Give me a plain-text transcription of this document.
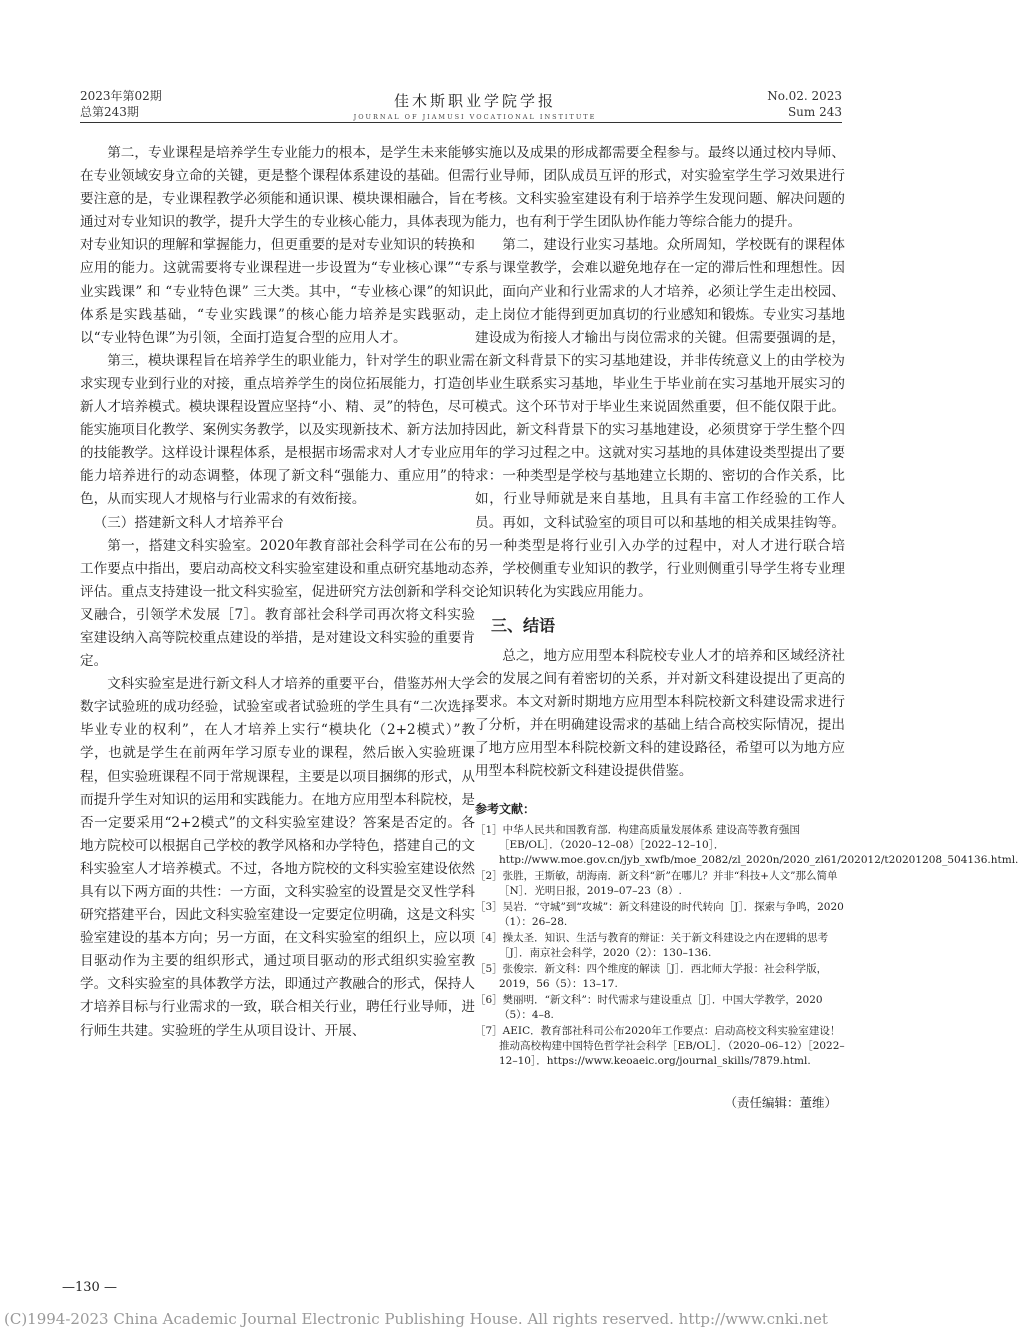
2023年第02期
总第243期
佳木斯职业学院学报
JOURNAL OF JIAMUSI VOCATIONAL INSTITUTE
No.02. 2023
Sum 243

第二，专业课程是培养学生专业能力的根本，是学生未来能够在专业领域安身立命的关键，更是整个课程体系建设的基础。但需要注意的是，专业课程教学必须能和通识课、模块课相融合，旨在通过对专业知识的教学，提升大学生的专业核心能力，具体表现为对专业知识的理解和掌握能力，但更重要的是对专业知识的转换和应用的能力。这就需要将专业课程进一步设置为“专业核心课”“专业实践课” 和 “专业特色课” 三大类。其中，“专业核心课”的知识体系是实践基础，“专业实践课”的核心能力培养是实践驱动，以“专业特色课”为引领，全面打造复合型的应用人才。

第三，模块课程旨在培养学生的职业能力，针对学生的职业需求实现专业到行业的对接，重点培养学生的岗位拓展能力，打造创新人才培养模式。模块课程设置应坚持“小、精、灵”的特色，尽可能实施项目化教学、案例实务教学，以及实现新技术、新方法加持的技能教学。这样设计课程体系，是根据市场需求对人才专业应用能力培养进行的动态调整，体现了新文科“强能力、重应用”的特色，从而实现人才规格与行业需求的有效衔接。

（三）搭建新文科人才培养平台

第一，搭建文科实验室。2020年教育部社会科学司在公布的工作要点中指出，要启动高校文科实验室建设和重点研究基地动态评估。重点支持建设一批文科实验室，促进研究方法创新和学科交叉融合，引领学术发展［7］。教育部社会科学司再次将文科实验室建设纳入高等院校重点建设的举措，是对建设文科实验的重要肯定。

文科实验室是进行新文科人才培养的重要平台，借鉴苏州大学数字试验班的成功经验，试验室或者试验班的学生具有“二次选择毕业专业的权利”，在人才培养上实行“模块化（2+2模式）”教学，也就是学生在前两年学习原专业的课程，然后嵌入实验班课程，但实验班课程不同于常规课程，主要是以项目捆绑的形式，从而提升学生对知识的运用和实践能力。在地方应用型本科院校，是否一定要采用“2+2模式”的文科实验室建设？答案是否定的。各地方院校可以根据自己学校的教学风格和办学特色，搭建自己的文科实验室人才培养模式。不过，各地方院校的文科实验室建设依然具有以下两方面的共性：一方面，文科实验室的设置是交叉性学科研究搭建平台，因此文科实验室建设一定要定位明确，这是文科实验室建设的基本方向；另一方面，在文科实验室的组织上，应以项目驱动作为主要的组织形式，通过项目驱动的形式组织实验室教学。文科实验室的具体教学方法，即通过产教融合的形式，保持人才培养目标与行业需求的一致，联合相关行业，聘任行业导师，进行师生共建。实验班的学生从项目设计、开展、

实施以及成果的形成都需要全程参与。最终以通过校内导师、行业导师，团队成员互评的形式，对实验室学生学习效果进行考核。文科实验室建设有利于培养学生发现问题、解决问题的能力，也有利于学生团队协作能力等综合能力的提升。

第二，建设行业实习基地。众所周知，学校既有的课程体系与课堂教学，会难以避免地存在一定的滞后性和理想性。因此，面向产业和行业需求的人才培养，必须让学生走出校园、走上岗位才能得到更加真切的行业感知和锻炼。专业实习基地建设成为衔接人才输出与岗位需求的关键。但需要强调的是，在新文科背景下的实习基地建设，并非传统意义上的由学校为毕业生联系实习基地，毕业生于毕业前在实习基地开展实习的模式。这个环节对于毕业生来说固然重要，但不能仅限于此。因此，新文科背景下的实习基地建设，必须贯穿于学生整个四年的学习过程之中。这就对实习基地的具体建设类型提出了要求：一种类型是学校与基地建立长期的、密切的合作关系，比如，行业导师就是来自基地，且具有丰富工作经验的工作人员。再如，文科试验室的项目可以和基地的相关成果挂钩等。另一种类型是将行业引入办学的过程中，对人才进行联合培养，学校侧重专业知识的教学，行业则侧重引导学生将专业理论知识转化为实践应用能力。

三、结语

总之，地方应用型本科院校专业人才的培养和区域经济社会的发展之间有着密切的关系，并对新文科建设提出了更高的要求。本文对新时期地方应用型本科院校新文科建设需求进行了分析，并在明确建设需求的基础上结合高校实际情况，提出了地方应用型本科院校新文科的建设路径，希望可以为地方应用型本科院校新文科建设提供借鉴。

参考文献：
［1］中华人民共和国教育部．构建高质量发展体系 建设高等教育强国［EB/OL］．（2020–12–08）［2022–12–10］．http://www.moe.gov.cn/jyb_xwfb/moe_2082/zl_2020n/2020_zl61/202012/t20201208_504136.html.
［2］张胜，王斯敏，胡海南．新文科“新”在哪儿？并非“科技+人文”那么简单［N］．光明日报，2019–07–23（8）.
［3］吴岩．“守城”到“攻城”：新文科建设的时代转向［J］．探索与争鸣，2020（1）：26–28.
［4］操太圣．知识、生活与教育的辩证：关于新文科建设之内在逻辑的思考［J］．南京社会科学，2020（2）：130–136.
［5］张俊宗．新文科：四个维度的解读［J］．西北师大学报：社会科学版，2019，56（5）：13–17.
［6］樊丽明．“新文科”：时代需求与建设重点［J］．中国大学教学，2020（5）：4–8.
［7］AEIC．教育部社科司公布2020年工作要点：启动高校文科实验室建设！推动高校构建中国特色哲学社会科学［EB/OL］．（2020–06–12）［2022–12–10］．https://www.keoaeic.org/journal_skills/7879.html.
（责任编辑：董维）
—130 —
(C)1994-2023 China Academic Journal Electronic Publishing House. All rights reserved. http://www.cnki.net
